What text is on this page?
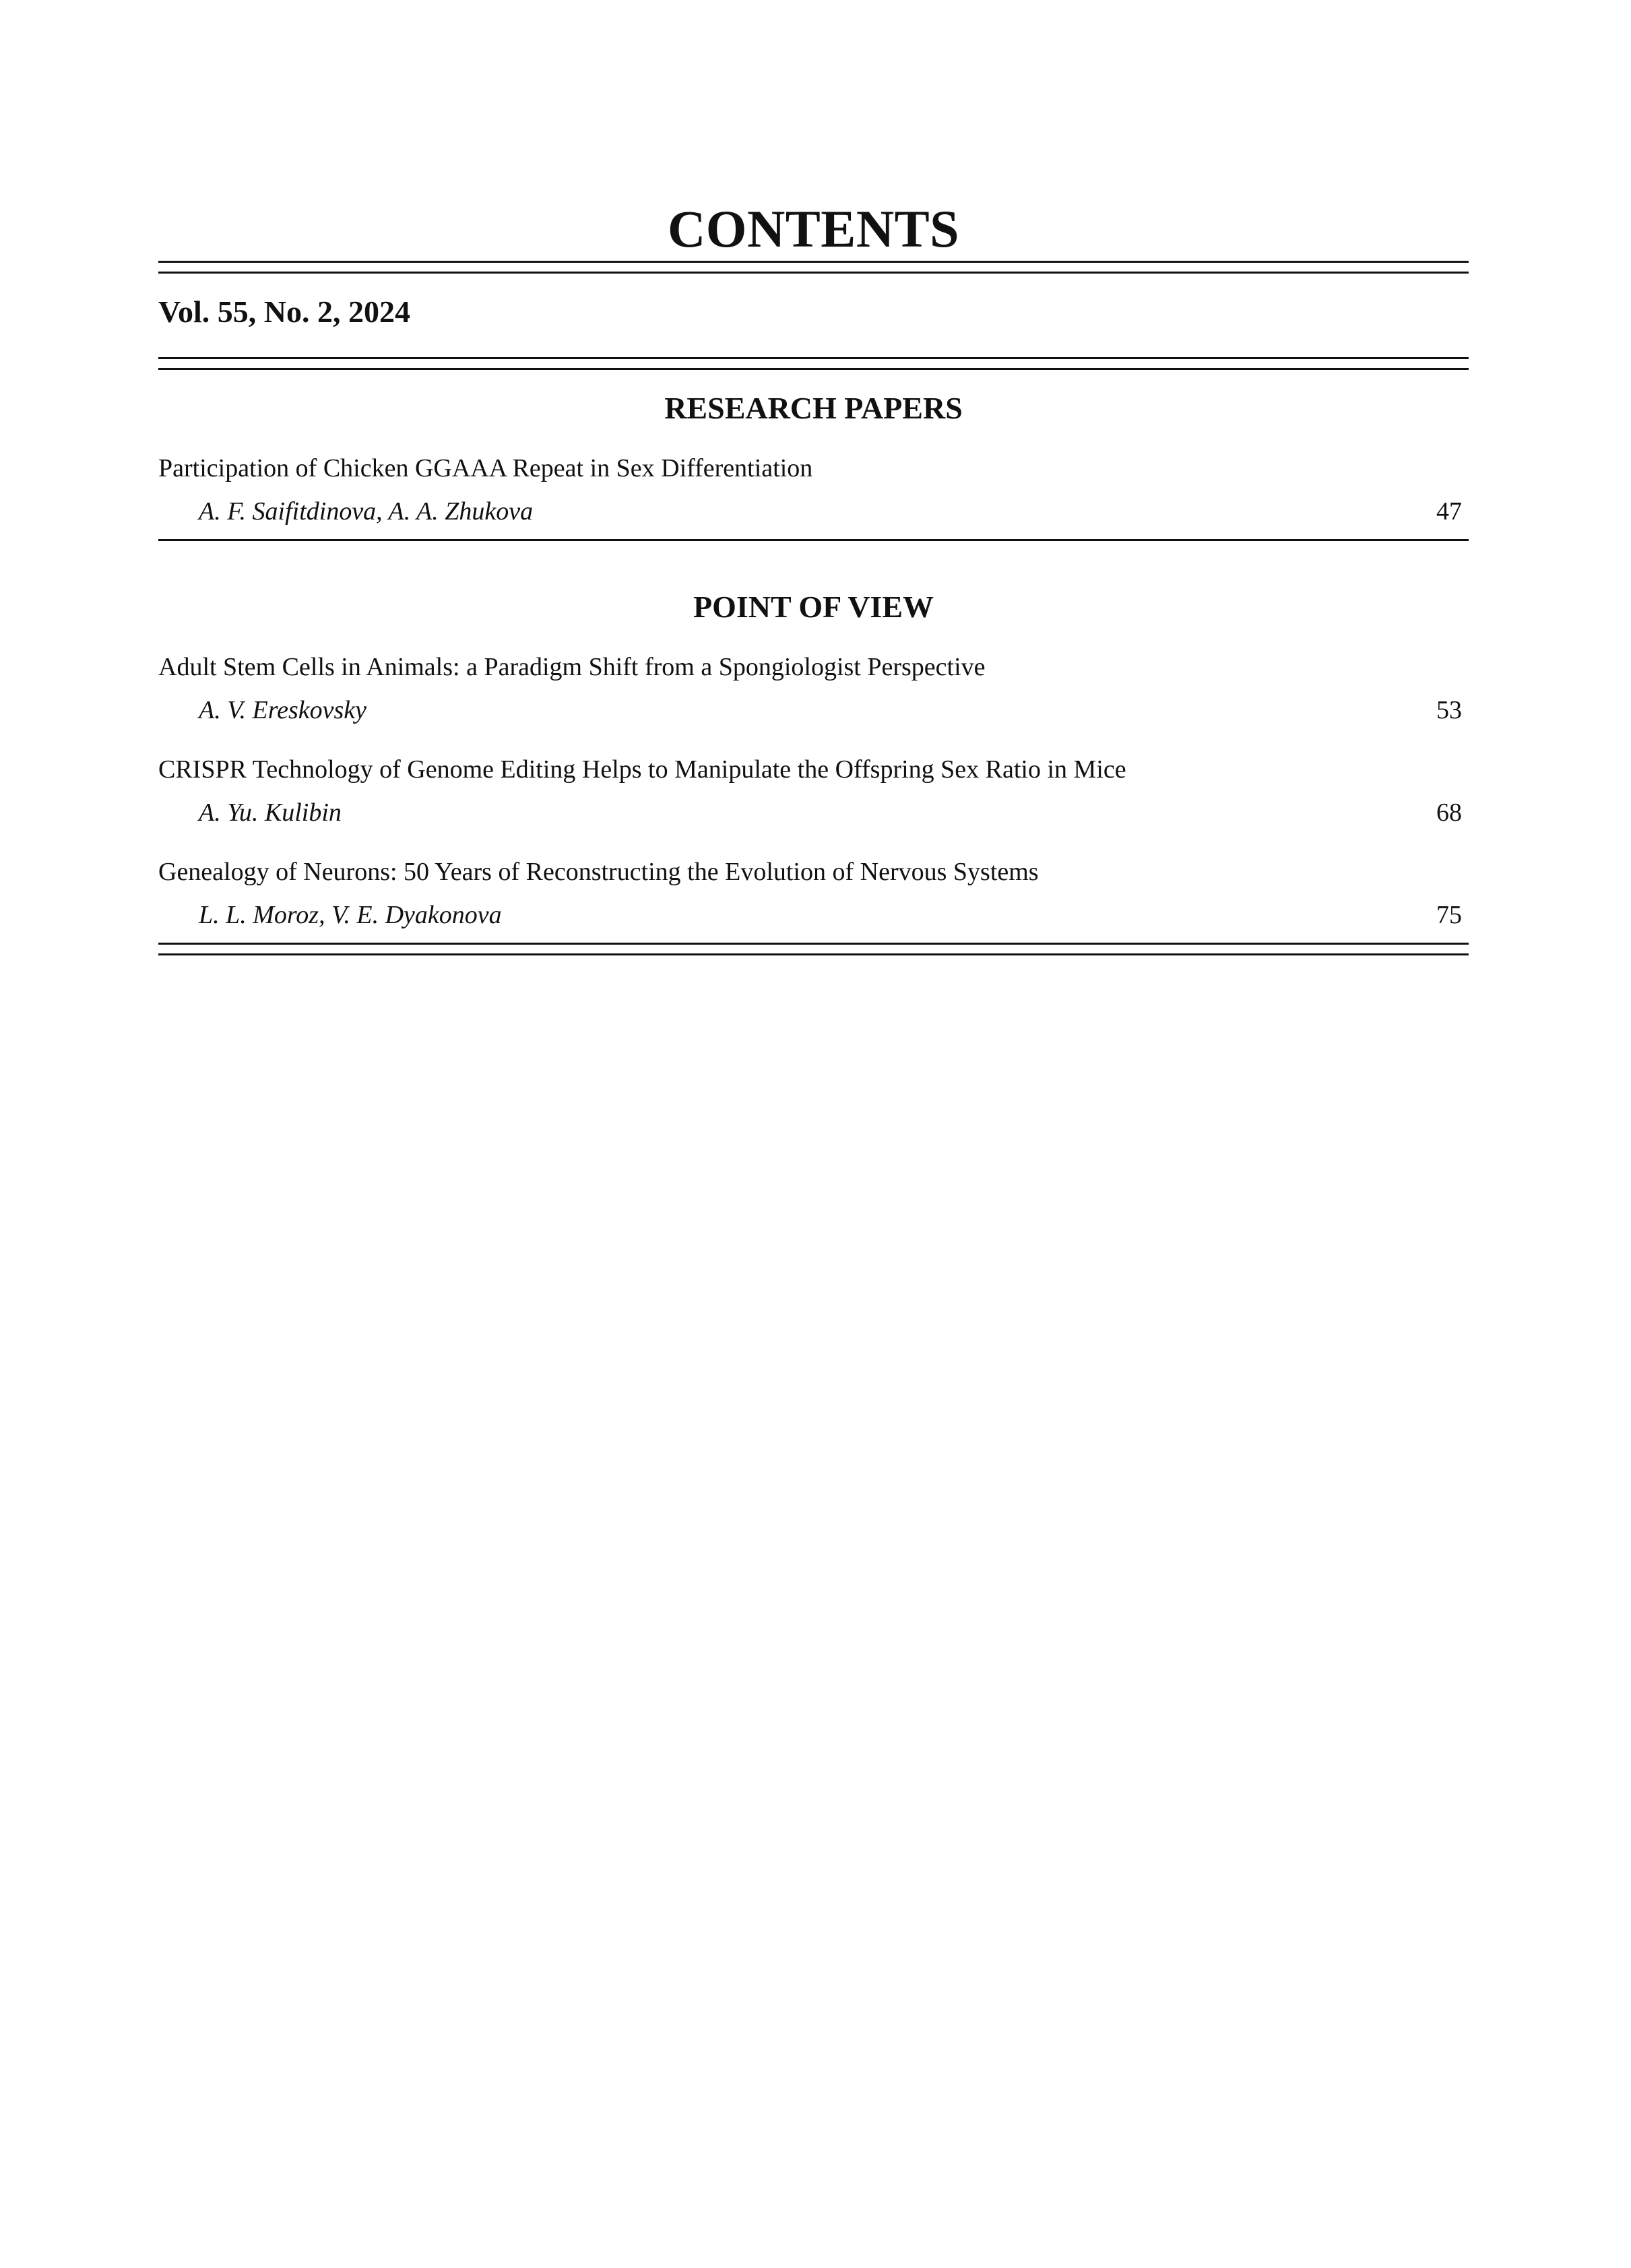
CONTENTS
Vol. 55, No. 2, 2024
RESEARCH PAPERS
Participation of Chicken GGAAA Repeat in Sex Differentiation
A. F. Saifitdinova, A. A. Zhukova	47
POINT OF VIEW
Adult Stem Cells in Animals: a Paradigm Shift from a Spongiologist Perspective
A. V. Ereskovsky	53
CRISPR Technology of Genome Editing Helps to Manipulate the Offspring Sex Ratio in Mice
A. Yu. Kulibin	68
Genealogy of Neurons: 50 Years of Reconstructing the Evolution of Nervous Systems
L. L. Moroz, V. E. Dyakonova	75
